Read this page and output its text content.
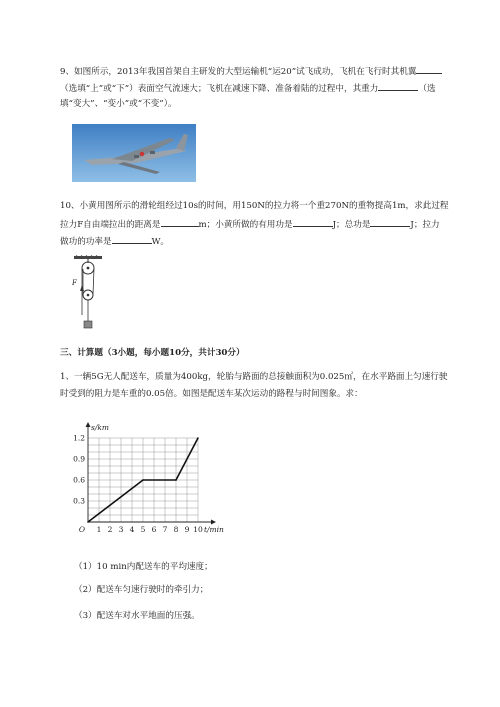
9、如图所示，2013年我国首架自主研发的大型运输机“运20”试飞成功，飞机在飞行时其机翼
（选填“上”或“下”）表面空气流速大；飞机在减速下降、准备着陆的过程中，其重力	（选
填“变大”、“变小”或“不变”）。
10、小黄用图所示的滑轮组经过10s的时间，用150N的拉力将一个重270N的重物提高1m，求此过程
拉力F自由端拉出的距离是	m；小黄所做的有用功是	J；总功是	J；拉力
做功的功率是	W。
F
三、计算题（3小题，每小题10分，共计30分）
1、一辆5G无人配送车，质量为400kg，轮胎与路面的总接触面积为0.025㎡，在水平路面上匀速行驶
时受到的阻力是车重的0.05倍。如图是配送车某次运动的路程与时间图象。求：
1 2 3 4 5 6 7 8 9 10
0.3
0.6
0.9
1.2
O	t/min
s/km
（1）10 min内配送车的平均速度；
（2）配送车匀速行驶时的牵引力；
（3）配送车对水平地面的压强。
